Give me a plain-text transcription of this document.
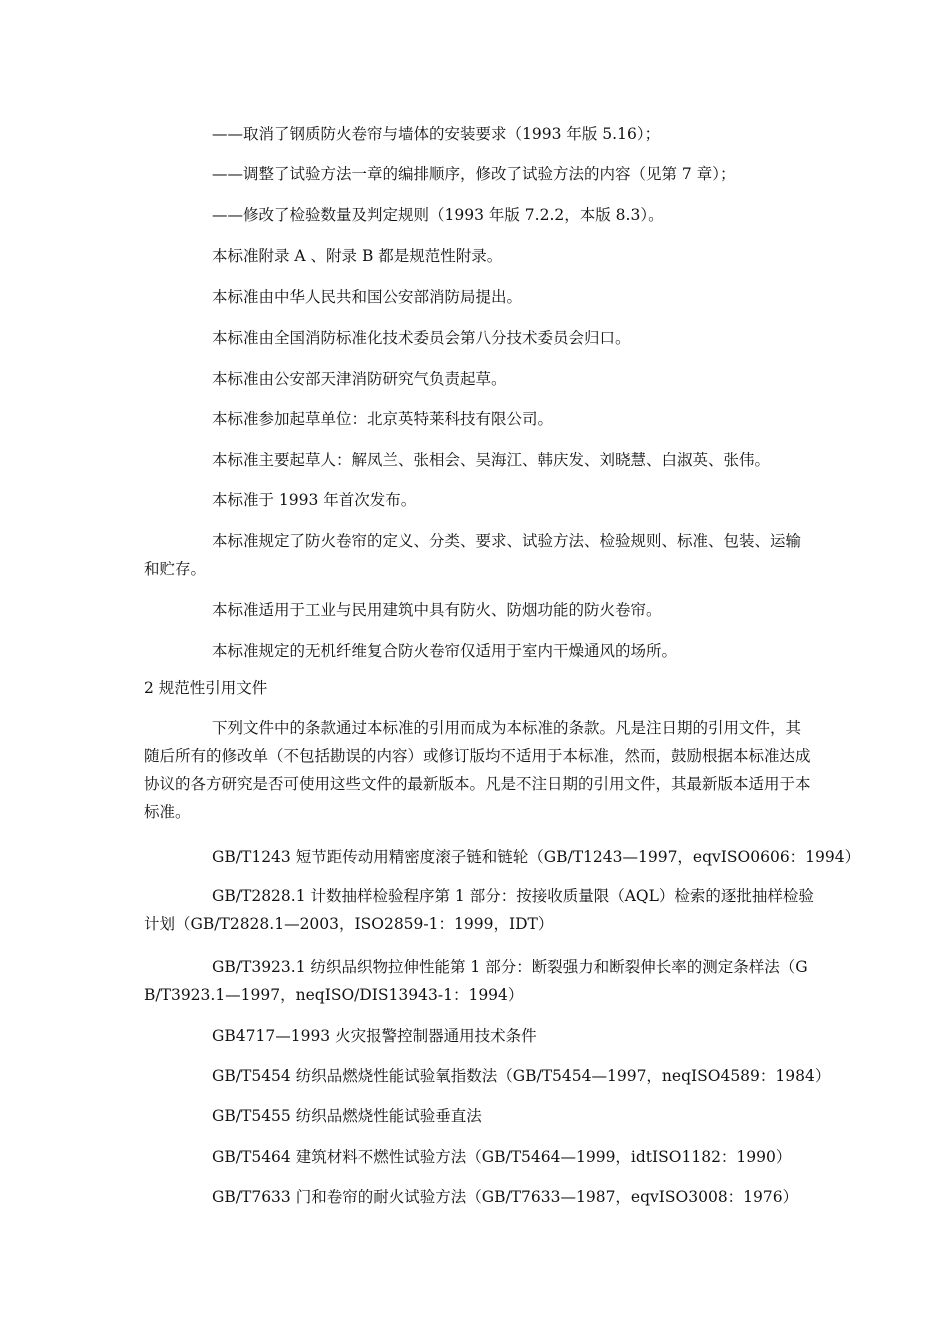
——取消了钢质防火卷帘与墙体的安装要求（1993 年版 5.16）；
——调整了试验方法一章的编排顺序，修改了试验方法的内容（见第 7 章）；
——修改了检验数量及判定规则（1993 年版 7.2.2，本版 8.3）。
本标准附录 A 、附录 B 都是规范性附录。
本标准由中华人民共和国公安部消防局提出。
本标准由全国消防标准化技术委员会第八分技术委员会归口。
本标准由公安部天津消防研究气负责起草。
本标准参加起草单位：北京英特莱科技有限公司。
本标准主要起草人：解凤兰、张相会、吴海江、韩庆发、刘晓慧、白淑英、张伟。
本标准于 1993 年首次发布。
本标准规定了防火卷帘的定义、分类、要求、试验方法、检验规则、标准、包装、运输和贮存。
本标准适用于工业与民用建筑中具有防火、防烟功能的防火卷帘。
本标准规定的无机纤维复合防火卷帘仅适用于室内干燥通风的场所。
2 规范性引用文件
下列文件中的条款通过本标准的引用而成为本标准的条款。凡是注日期的引用文件，其随后所有的修改单（不包括勘误的内容）或修订版均不适用于本标准，然而，鼓励根据本标准达成协议的各方研究是否可使用这些文件的最新版本。凡是不注日期的引用文件，其最新版本适用于本标准。
GB/T1243 短节距传动用精密度滚子链和链轮（GB/T1243—1997，eqvISO0606：1994）
GB/T2828.1 计数抽样检验程序第 1 部分：按接收质量限（AQL）检索的逐批抽样检验计划（GB/T2828.1—2003，ISO2859-1：1999，IDT）
GB/T3923.1 纺织品织物拉伸性能第 1 部分：断裂强力和断裂伸长率的测定条样法（GB/T3923.1—1997，neqISO/DIS13943-1：1994）
GB4717—1993 火灾报警控制器通用技术条件
GB/T5454 纺织品燃烧性能试验氧指数法（GB/T5454—1997，neqISO4589：1984）
GB/T5455 纺织品燃烧性能试验垂直法
GB/T5464 建筑材料不燃性试验方法（GB/T5464—1999，idtISO1182：1990）
GB/T7633 门和卷帘的耐火试验方法（GB/T7633—1987，eqvISO3008：1976）
